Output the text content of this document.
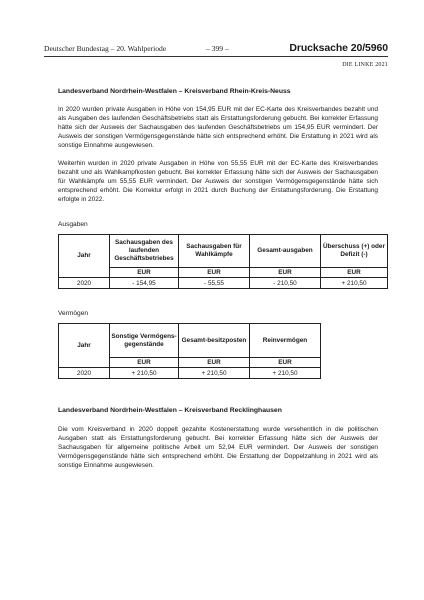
Deutscher Bundestag – 20. Wahlperiode	– 399 –	Drucksache 20/5960
DIE LINKE 2021
Landesverband Nordrhein-Westfalen – Kreisverband Rhein-Kreis-Neuss

In 2020 wurden private Ausgaben in Höhe von 154,95 EUR mit der EC-Karte des Kreisverbandes bezahlt und als Ausgaben des laufenden Geschäftsbetriebs statt als Erstattungsforderung gebucht. Bei korrekter Erfassung hätte sich der Ausweis der Sachausgaben des laufenden Geschäftsbetriebs um 154,95 EUR vermindert. Der Ausweis der sonstigen Vermögensgegenstände hätte sich entsprechend erhöht. Die Erstattung in 2021 wird als sonstige Einnahme ausgewiesen.

Weiterhin wurden in 2020 private Ausgaben in Höhe von 55,55 EUR mit der EC-Karte des Kreisverbandes bezahlt und als Wahlkampfkosten gebucht. Bei korrekter Erfassung hätte sich der Ausweis der Sachausgaben für Wahlkämpfe um 55,55 EUR vermindert. Der Ausweis der sonstigen Vermögensgegenstände hätte sich entsprechend erhöht. Die Korrektur erfolgt in 2021 durch Buchung der Erstattungsforderung. Die Erstattung erfolgte in 2022.

Ausgaben
Jahr	Sachausgaben des laufenden Geschäftsbetriebes	Sachausgaben für Wahlkämpfe	Gesamt-ausgaben	Überschuss (+) oder Defizit (-)
	EUR	EUR	EUR	EUR
2020	- 154,95	- 55,55	- 210,50	+ 210,50
Vermögen
Jahr	Sonstige Vermögens-gegenstände	Gesamt-besitzposten	Reinvermögen
	EUR	EUR	EUR
2020	+ 210,50	+ 210,50	+ 210,50
Landesverband Nordrhein-Westfalen – Kreisverband Recklinghausen

Die vom Kreisverband in 2020 doppelt gezahlte Kostenerstattung wurde versehentlich in die politischen Ausgaben statt als Erstattungsforderung gebucht. Bei korrekter Erfassung hätte sich der Ausweis der Sachausgaben für allgemeine politische Arbeit um 52,94 EUR vermindert. Der Ausweis der sonstigen Vermögensgegenstände hätte sich entsprechend erhöht. Die Erstattung der Doppelzahlung in 2021 wird als sonstige Einnahme ausgewiesen.
